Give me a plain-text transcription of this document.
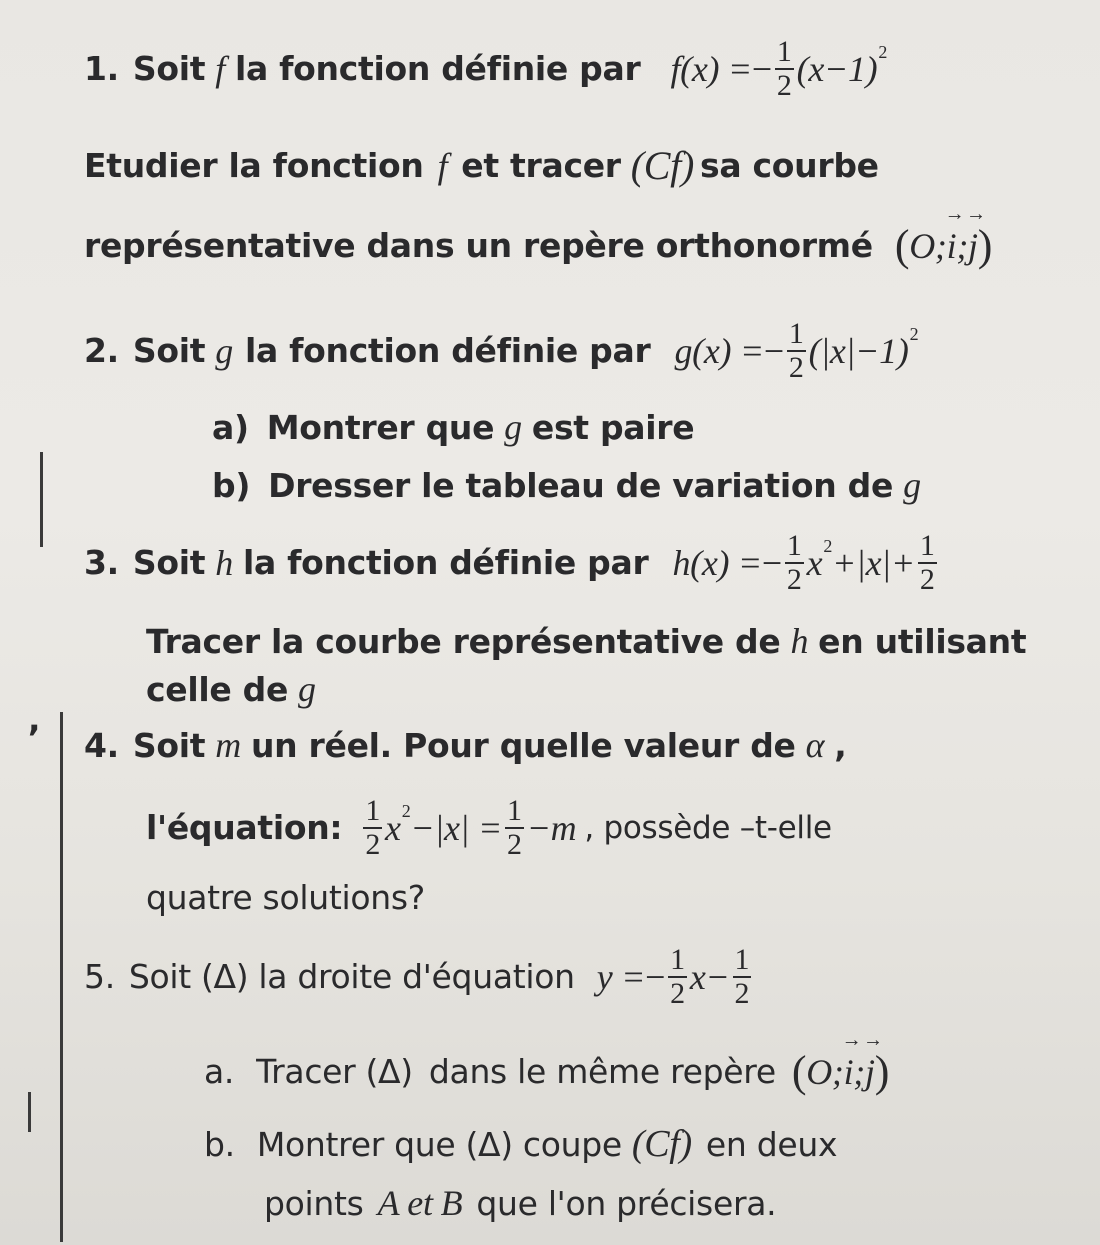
,
1. Soit f la fonction définie par f(x) = − $\frac{1}{2} (x-1)$ 2
Etudier la fonction f et tracer (Cf) sa courbe
représentative dans un repère orthonormé ( O; → i ; → j )
2. Soit g la fonction définie par g(x) = − $\frac{1}{2} (|x|-1)$ 2
a) Montrer que g est paire
b) Dresser le tableau de variation de g
3. Soit h la fonction définie par h(x) = − $\frac{1}{2}$ x $2 +|x|+ \frac{1}{2}$
Tracer la courbe représentative de h en utilisant
celle de g
4. Soit m un réel. Pour quelle valeur de α ,
l'équation: $\frac{1}{2}$ x $2 -|x| = \frac{1}{2} -m$ , possède –t-elle
quatre solutions?
5. Soit (Δ) la droite d'équation y = − $\frac{1}{2} x- \frac{1}{2}$
a. Tracer (Δ) dans le même repère ( O; → i ; → j )
b. Montrer que (Δ) coupe (Cf) en deux
points A et B que l'on précisera.
